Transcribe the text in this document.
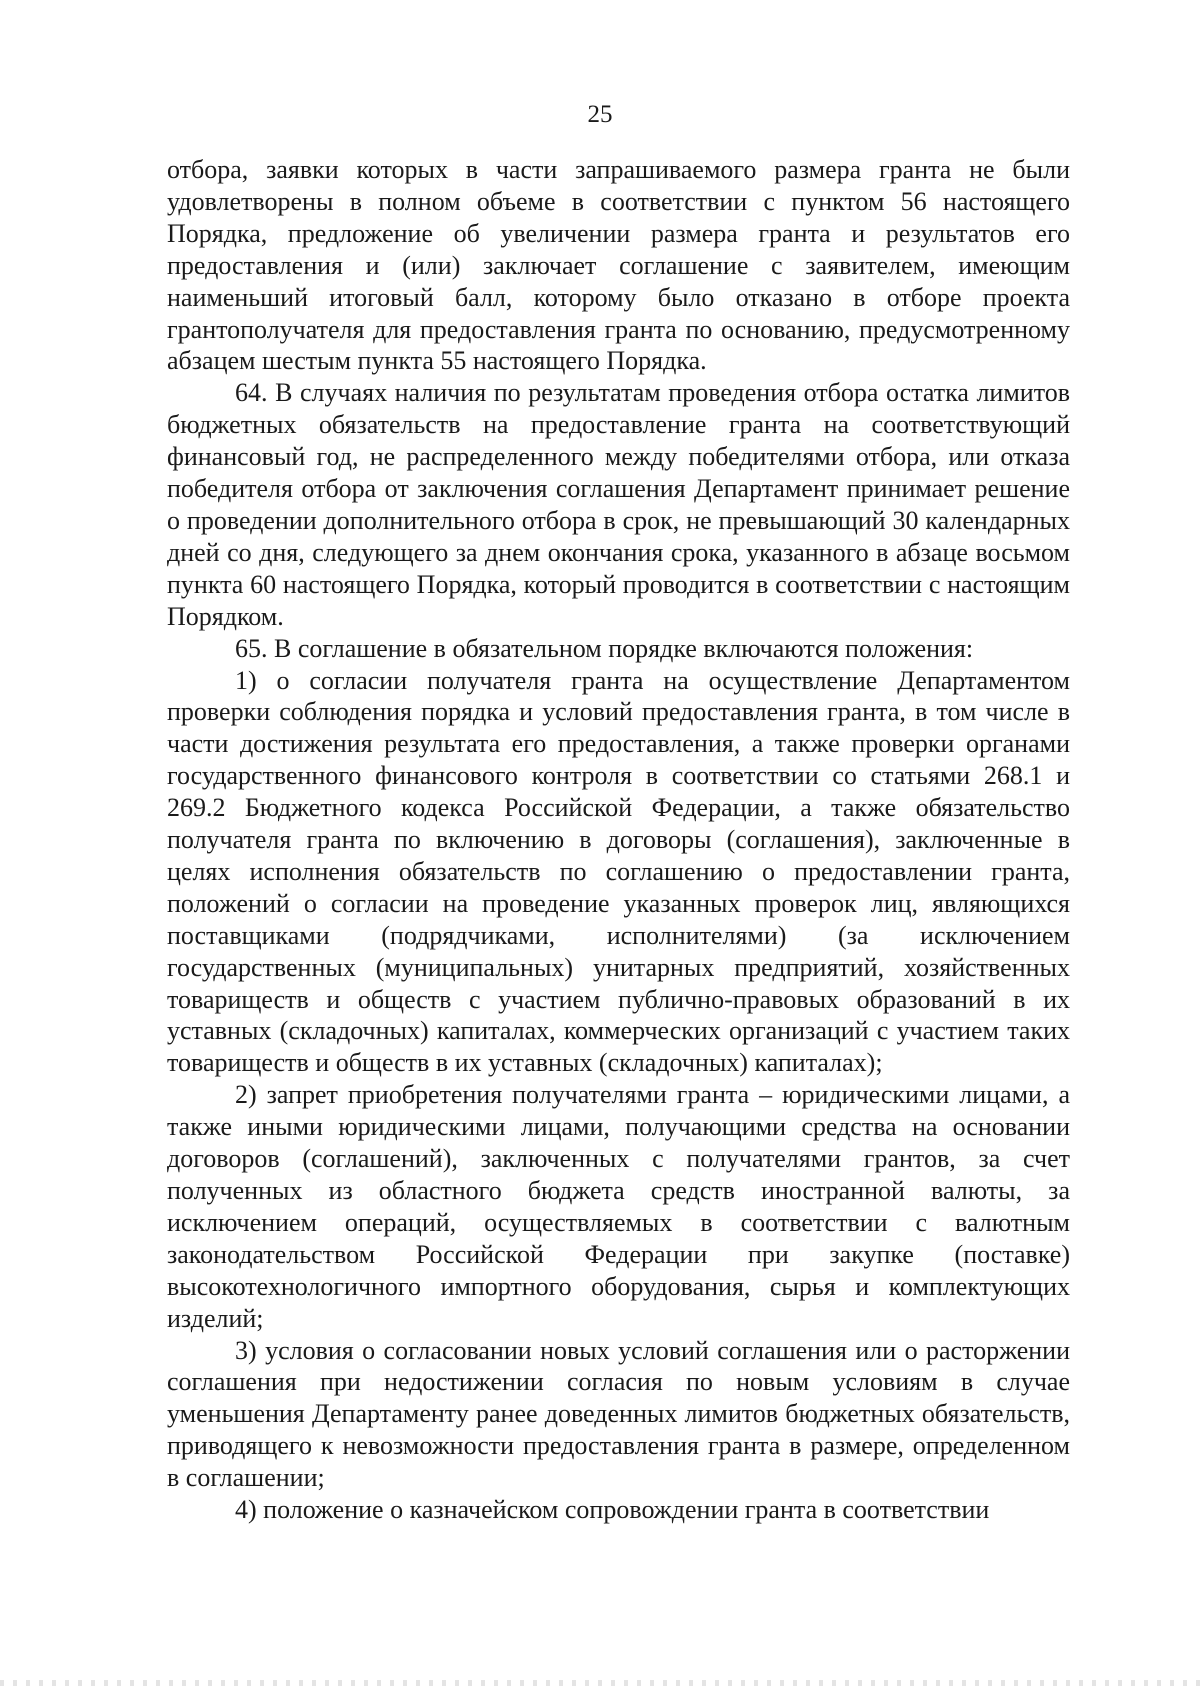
25

отбора, заявки которых в части запрашиваемого размера гранта не были удовлетворены в полном объеме в соответствии с пунктом 56 настоящего Порядка, предложение об увеличении размера гранта и результатов его предоставления и (или) заключает соглашение с заявителем, имеющим наименьший итоговый балл, которому было отказано в отборе проекта грантополучателя для предоставления гранта по основанию, предусмотренному абзацем шестым пункта 55 настоящего Порядка.

64. В случаях наличия по результатам проведения отбора остатка лимитов бюджетных обязательств на предоставление гранта на соответствующий финансовый год, не распределенного между победителями отбора, или отказа победителя отбора от заключения соглашения Департамент принимает решение о проведении дополнительного отбора в срок, не превышающий 30 календарных дней со дня, следующего за днем окончания срока, указанного в абзаце восьмом пункта 60 настоящего Порядка, который проводится в соответствии с настоящим Порядком.

65. В соглашение в обязательном порядке включаются положения:

1) о согласии получателя гранта на осуществление Департаментом проверки соблюдения порядка и условий предоставления гранта, в том числе в части достижения результата его предоставления, а также проверки органами государственного финансового контроля в соответствии со статьями 268.1 и 269.2 Бюджетного кодекса Российской Федерации, а также обязательство получателя гранта по включению в договоры (соглашения), заключенные в целях исполнения обязательств по соглашению о предоставлении гранта, положений о согласии на проведение указанных проверок лиц, являющихся поставщиками (подрядчиками, исполнителями) (за исключением государственных (муниципальных) унитарных предприятий, хозяйственных товариществ и обществ с участием публично-правовых образований в их уставных (складочных) капиталах, коммерческих организаций с участием таких товариществ и обществ в их уставных (складочных) капиталах);

2) запрет приобретения получателями гранта – юридическими лицами, а также иными юридическими лицами, получающими средства на основании договоров (соглашений), заключенных с получателями грантов, за счет полученных из областного бюджета средств иностранной валюты, за исключением операций, осуществляемых в соответствии с валютным законодательством Российской Федерации при закупке (поставке) высокотехнологичного импортного оборудования, сырья и комплектующих изделий;

3) условия о согласовании новых условий соглашения или о расторжении соглашения при недостижении согласия по новым условиям в случае уменьшения Департаменту ранее доведенных лимитов бюджетных обязательств, приводящего к невозможности предоставления гранта в размере, определенном в соглашении;

4) положение о казначейском сопровождении гранта в соответствии
